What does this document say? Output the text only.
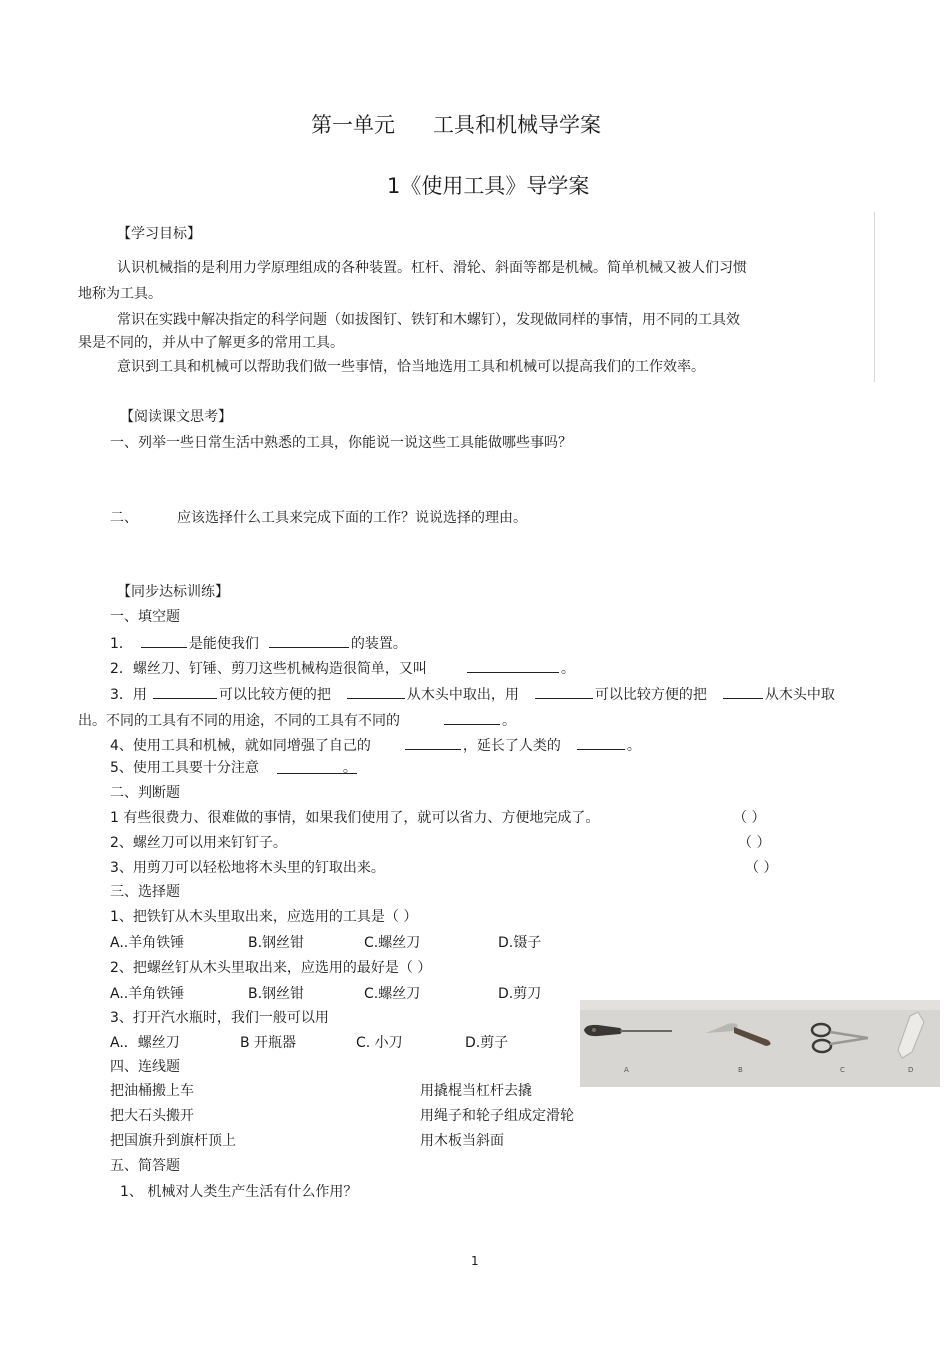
第一单元 工具和机械导学案
1《使用工具》导学案
【学习目标】
认识机械指的是利用力学原理组成的各种装置。杠杆、滑轮、斜面等都是机械。简单机械又被人们习惯
地称为工具。
常识在实践中解决指定的科学问题（如拔图钉、铁钉和木螺钉），发现做同样的事情，用不同的工具效
果是不同的，并从中了解更多的常用工具。
意识到工具和机械可以帮助我们做一些事情，恰当地选用工具和机械可以提高我们的工作效率。
【阅读课文思考】
一、列举一些日常生活中熟悉的工具，你能说一说这些工具能做哪些事吗？
二、	应该选择什么工具来完成下面的工作？说说选择的理由。
【同步达标训练】
一、填空题
1．	是能使我们	的装置。
2．螺丝刀、钉锤、剪刀这些机械构造很简单，又叫	。
3．用	可以比较方便的把	从木头中取出，用	可以比较方便的把	从木头中取
出。不同的工具有不同的用途，不同的工具有不同的	。
4、使用工具和机械，就如同增强了自己的	，延长了人类的	。
5、使用工具要十分注意	。
二、判断题
1 有些很费力、很难做的事情，如果我们使用了，就可以省力、方便地完成了。	（ ）
2、螺丝刀可以用来钉钉子。	（ ）
3、用剪刀可以轻松地将木头里的钉取出来。	（ ）
三、选择题
1、把铁钉从木头里取出来，应选用的工具是（ ）
A..羊角铁锤	B.钢丝钳	C.螺丝刀	D.镊子
2、把螺丝钉从木头里取出来，应选用的最好是（ ）
A..羊角铁锤	B.钢丝钳	C.螺丝刀	D.剪刀
3、打开汽水瓶时，我们一般可以用
A.．螺丝刀	B 开瓶器	C. 小刀	D.剪子
A	B	C	D
四、连线题
把油桶搬上车	用撬棍当杠杆去撬
把大石头搬开	用绳子和轮子组成定滑轮
把国旗升到旗杆顶上	用木板当斜面
五、简答题
1、 机械对人类生产生活有什么作用？
1
